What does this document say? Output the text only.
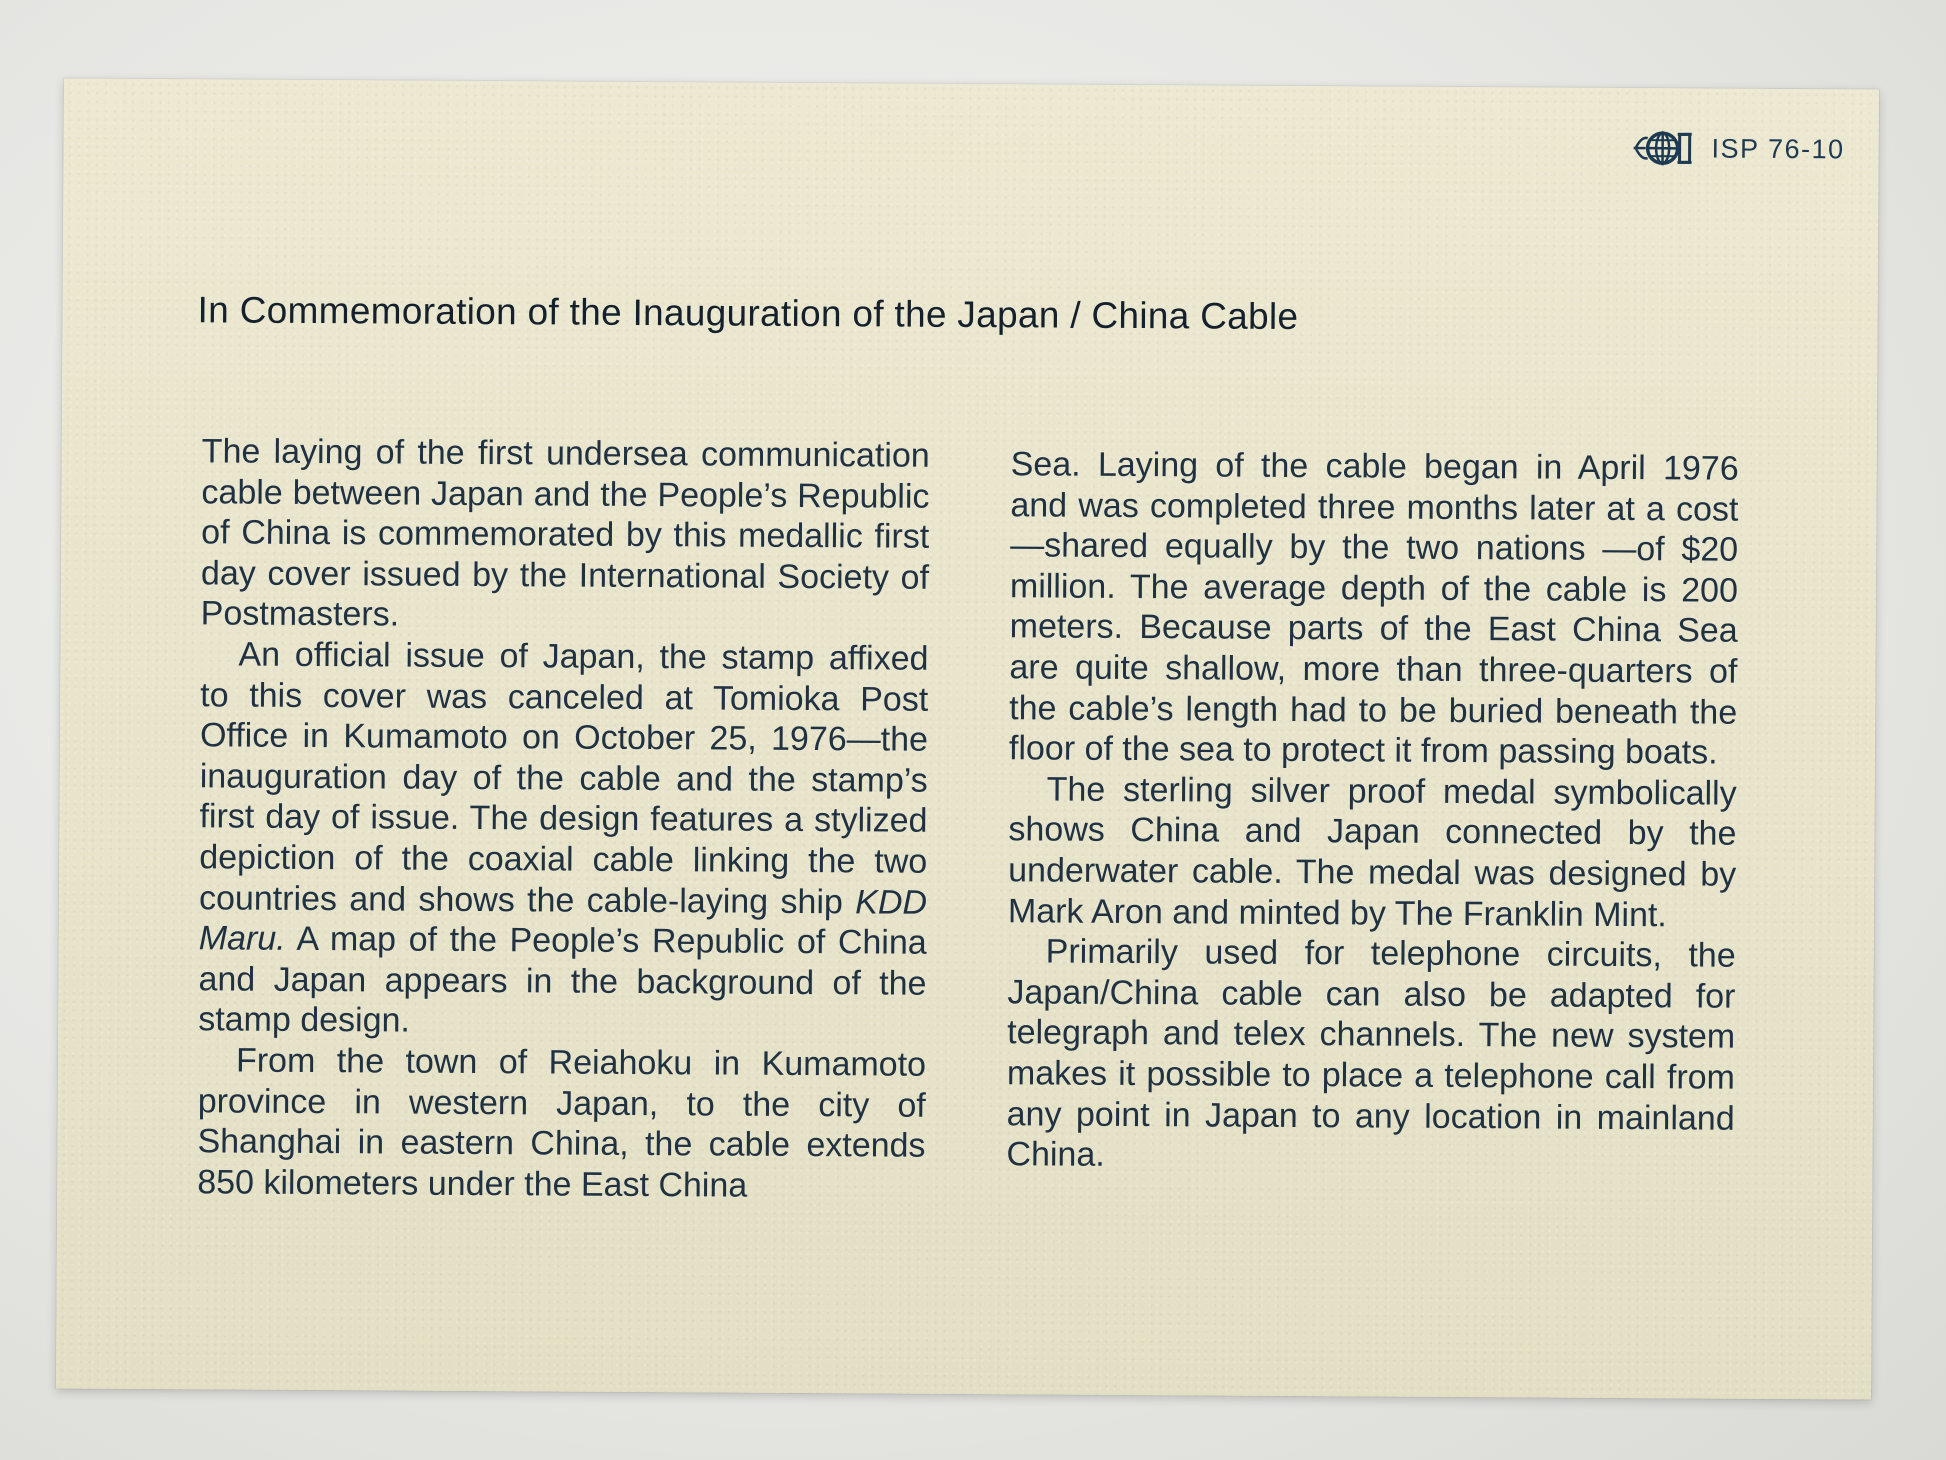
ISP 76-10
In Commemoration of the Inauguration of the Japan / China Cable

The laying of the first undersea communication cable between Japan and the People’s Republic of China is commemorated by this medallic first day cover issued by the International Society of Postmasters.

An official issue of Japan, the stamp affixed to this cover was canceled at Tomioka Post Office in Kumamoto on October 25, 1976—the inauguration day of the cable and the stamp’s first day of issue. The design features a stylized depiction of the coaxial cable linking the two countries and shows the cable-laying ship KDD Maru. A map of the People’s Republic of China and Japan appears in the background of the stamp design.

From the town of Reiahoku in Kumamoto province in western Japan, to the city of Shanghai in eastern China, the cable extends 850 kilometers under the East China

Sea. Laying of the cable began in April 1976 and was completed three months later at a cost—shared equally by the two nations —of $20 million. The average depth of the cable is 200 meters. Because parts of the East China Sea are quite shallow, more than three-quarters of the cable’s length had to be buried beneath the floor of the sea to protect it from passing boats.

The sterling silver proof medal symbolically shows China and Japan connected by the underwater cable. The medal was designed by Mark Aron and minted by The Franklin Mint.

Primarily used for telephone circuits, the Japan/China cable can also be adapted for telegraph and telex channels. The new system makes it possible to place a telephone call from any point in Japan to any location in mainland China.
